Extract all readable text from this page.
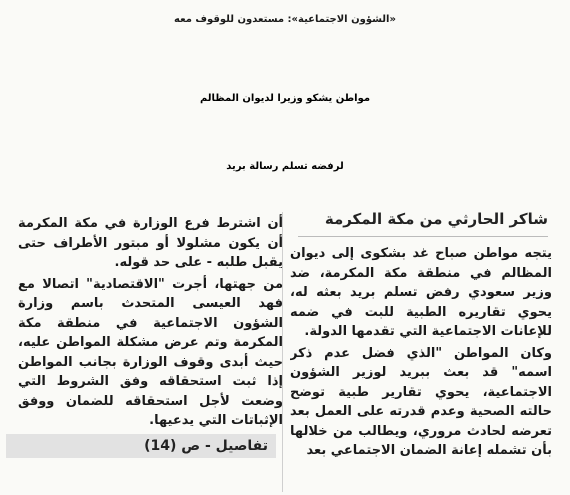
«الشؤون الاجتماعية»: مستعدون للوقوف معه
مواطن يشكو وزيرا لديوان المظالم
لرفضه تسلم رسالة بريد
شاكر الحارثي من مكة المكرمة

يتجه مواطن صباح غد بشكوى إلى ديوان المظالم في منطقة مكة المكرمة، ضد وزير سعودي رفض تسلم بريد بعثه له، يحوي تقاريره الطبية للبت في ضمه للإعانات الاجتماعية التي تقدمها الدولة.

وكان المواطن "الذي فضل عدم ذكر اسمه" قد بعث ببريد لوزير الشؤون الاجتماعية، يحوي تقارير طبية توضح حالته الصحية وعدم قدرته على العمل بعد تعرضه لحادث مروري، ويطالب من خلالها بأن تشمله إعانة الضمان الاجتماعي بعد

أن اشترط فرع الوزارة في مكة المكرمة أن يكون مشلولا أو مبتور الأطراف حتى يقبل طلبه - على حد قوله.

من جهتها، أجرت "الاقتصادية" اتصالا مع فهد العيسى المتحدث باسم وزارة الشؤون الاجتماعية في منطقة مكة المكرمة وتم عرض مشكلة المواطن عليه، حيث أبدى وقوف الوزارة بجانب المواطن إذا ثبت استحقاقه وفق الشروط التي وضعت لأجل استحقاقه للضمان ووفق الإثباتات التي يدعيها.

تفاصيل - ص (14)
